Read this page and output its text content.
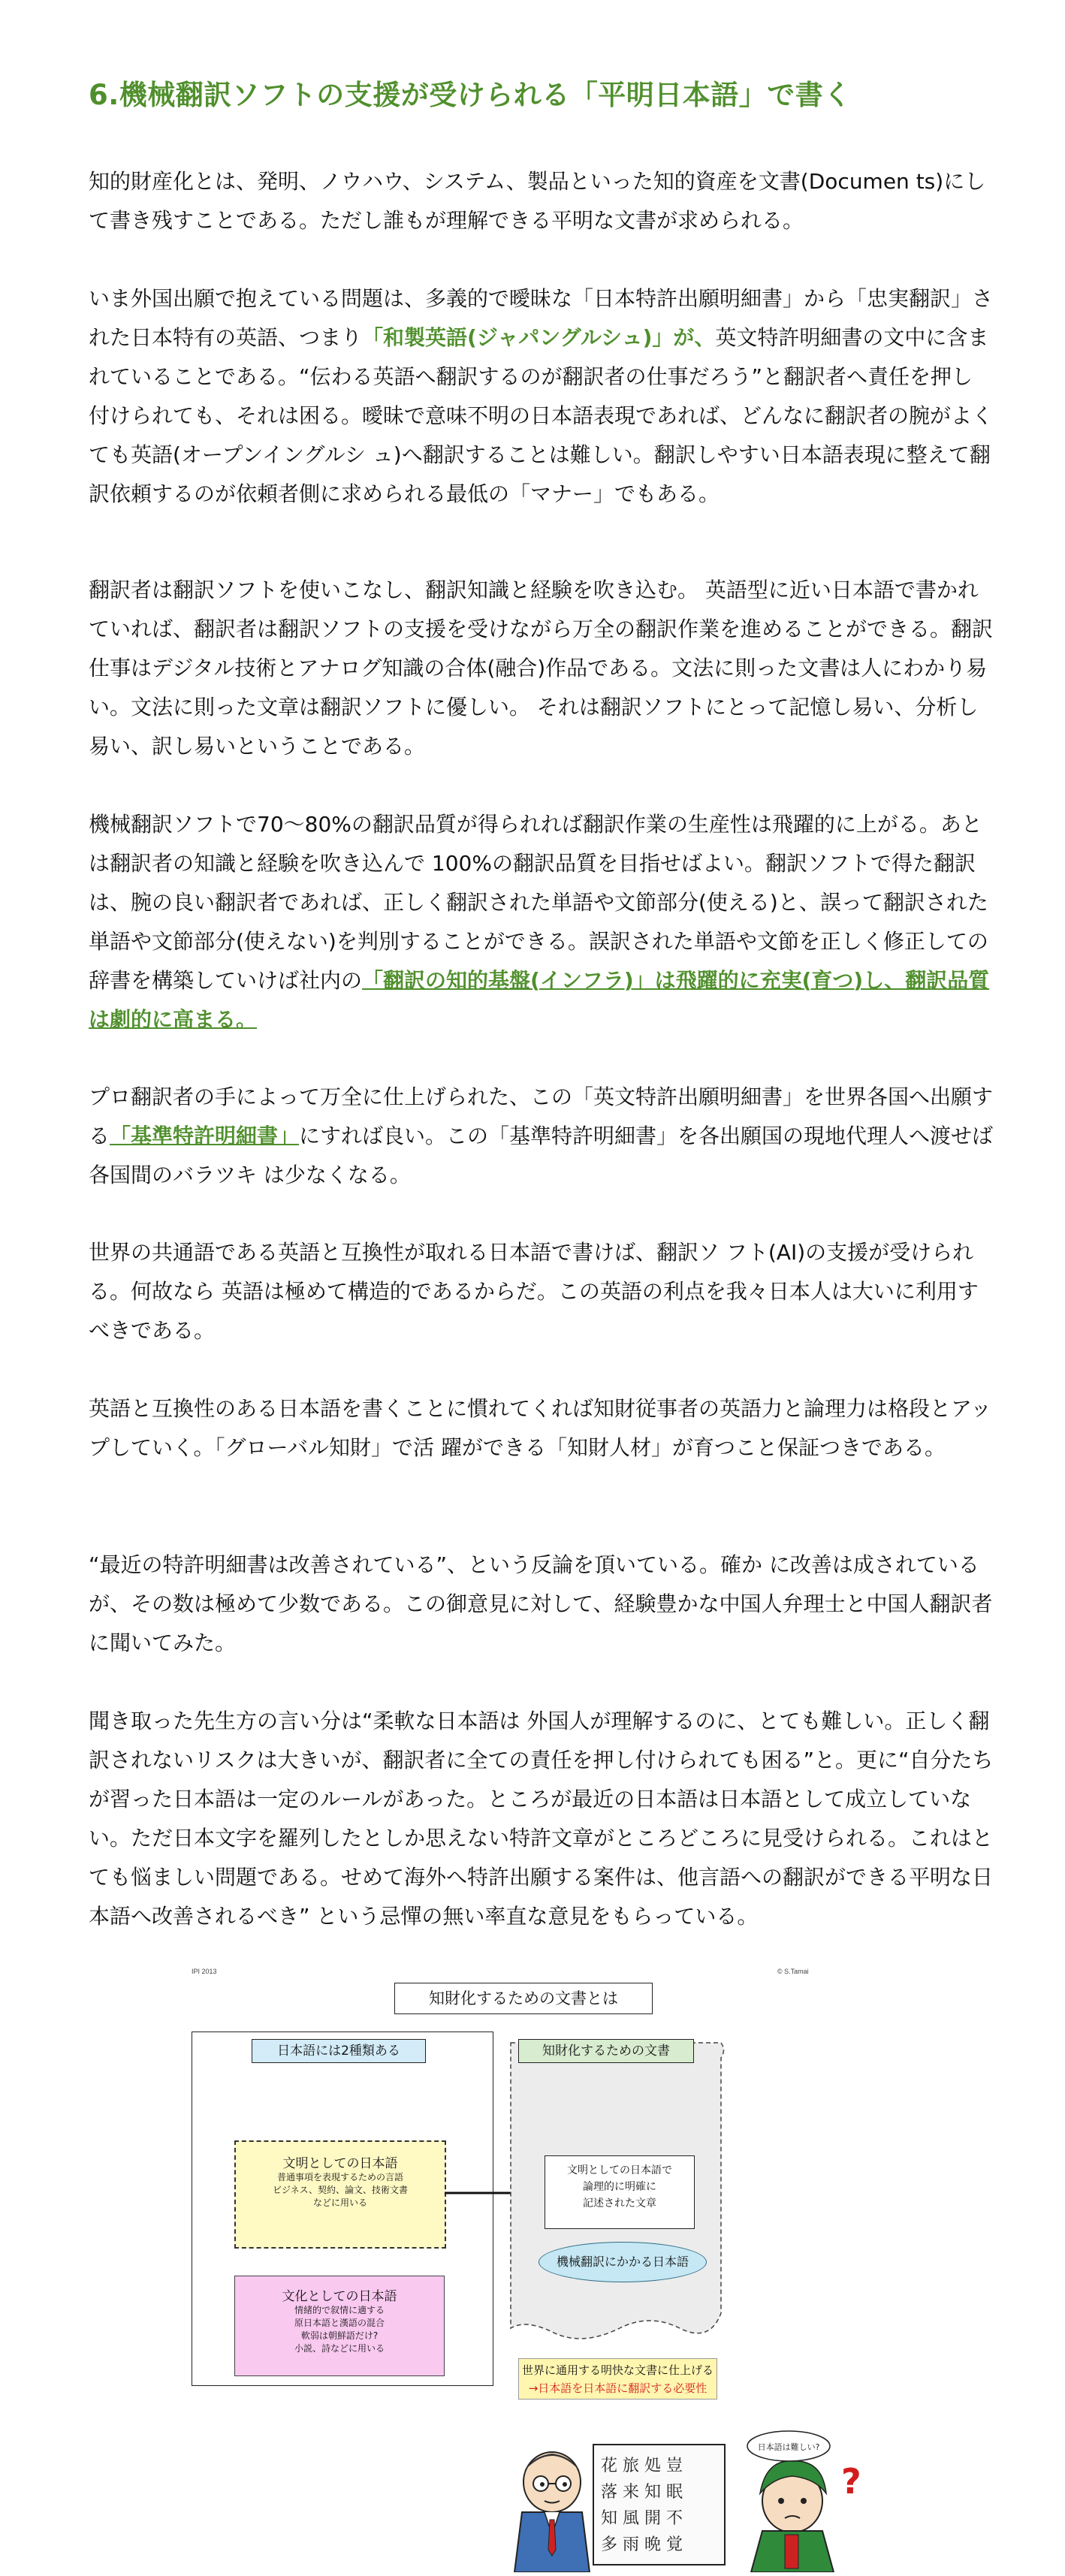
6.機械翻訳ソフトの支援が受けられる「平明日本語」で書く

知的財産化とは、発明、ノウハウ、システム、製品といった知的資産を文書(Documen ts)にして書き残すことである。ただし誰もが理解できる平明な文書が求められる。

いま外国出願で抱えている問題は、多義的で曖昧な「日本特許出願明細書」から「忠実翻訳」された日本特有の英語、つまり「和製英語(ジャパングルシュ)」が、英文特許明細書の文中に含まれていることである。“伝わる英語へ翻訳するのが翻訳者の仕事だろう”と翻訳者へ責任を押し付けられても、それは困る。曖昧で意味不明の日本語表現であれば、どんなに翻訳者の腕がよくても英語(オープンイングルシ ュ)へ翻訳することは難しい。翻訳しやすい日本語表現に整えて翻訳依頼するのが依頼者側に求められる最低の「マナー」でもある。

翻訳者は翻訳ソフトを使いこなし、翻訳知識と経験を吹き込む。 英語型に近い日本語で書かれていれば、翻訳者は翻訳ソフトの支援を受けながら万全の翻訳作業を進めることができる。翻訳仕事はデジタル技術とアナログ知識の合体(融合)作品である。文法に則った文書は人にわかり易い。文法に則った文章は翻訳ソフトに優しい。 それは翻訳ソフトにとって記憶し易い、分析し易い、訳し易いということである。

機械翻訳ソフトで70〜80%の翻訳品質が得られれば翻訳作業の生産性は飛躍的に上がる。あとは翻訳者の知識と経験を吹き込んで 100%の翻訳品質を目指せばよい。翻訳ソフトで得た翻訳は、腕の良い翻訳者であれば、正しく翻訳された単語や文節部分(使える)と、誤って翻訳された単語や文節部分(使えない)を判別することができる。誤訳された単語や文節を正しく修正しての辞書を構築していけば社内の「翻訳の知的基盤(インフラ)」は飛躍的に充実(育つ)し、翻訳品質は劇的に高まる。

プロ翻訳者の手によって万全に仕上げられた、この「英文特許出願明細書」を世界各国へ出願する「基準特許明細書」にすれば良い。この「基準特許明細書」を各出願国の現地代理人へ渡せば各国間のバラツキ は少なくなる。

世界の共通語である英語と互換性が取れる日本語で書けば、翻訳ソ フト(AI)の支援が受けられる。何故なら 英語は極めて構造的であるからだ。この英語の利点を我々日本人は大いに利用すべきである。

英語と互換性のある日本語を書くことに慣れてくれば知財従事者の英語力と論理力は格段とアップしていく。「グローバル知財」で活 躍ができる「知財人材」が育つこと保証つきである。

“最近の特許明細書は改善されている”、という反論を頂いている。確か に改善は成されているが、その数は極めて少数である。この御意見に対して、経験豊かな中国人弁理士と中国人翻訳者に聞いてみた。

聞き取った先生方の言い分は“柔軟な日本語は 外国人が理解するのに、とても難しい。正しく翻訳されないリスクは大きいが、翻訳者に全ての責任を押し付けられても困る”と。更に“自分たちが習った日本語は一定のルールがあった。ところが最近の日本語は日本語として成立していない。ただ日本文字を羅列したとしか思えない特許文章がところどころに見受けられる。これはとても悩ましい問題である。せめて海外へ特許出願する案件は、他言語への翻訳ができる平明な日本語へ改善されるべき” という忌憚の無い率直な意見をもらっている。

IPI 2013	© S.Tamai
知財化するための文書とは
日本語には2種類ある
文明としての日本語
普通事項を表現するための言語
ビジネス、契約、論文、技術文書
などに用いる
文化としての日本語
情緒的で叙情に適する
原日本語と漢語の混合
軟弱は朝鮮語だけ?
小説、詩などに用いる
知財化するための文書
文明としての日本語で
論理的に明確に
記述された文章
機械翻訳にかかる日本語
世界に通用する明快な文書に仕上げる
→日本語を日本語に翻訳する必要性
花 旅 処 豈
落 来 知 眠
知 風 開 不
多 雨 晩 覚
日本語は難しい?
?
